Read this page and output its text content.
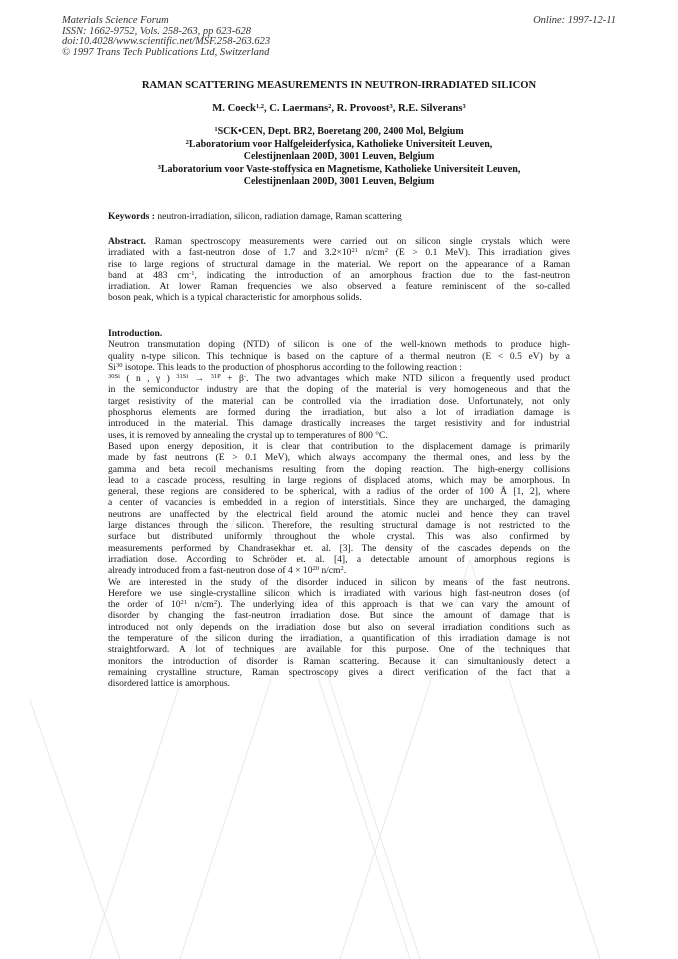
Materials Science Forum
ISSN: 1662-9752, Vols. 258-263, pp 623-628
doi:10.4028/www.scientific.net/MSF.258-263.623
© 1997 Trans Tech Publications Ltd, Switzerland
Online: 1997-12-11
RAMAN SCATTERING MEASUREMENTS IN NEUTRON-IRRADIATED SILICON
M. Coeck$^{1,2}$, C. Laermans$^2$, R. Provoost$^3$, R.E. Silverans$^3$
$^1$SCK•CEN, Dept. BR2, Boeretang 200, 2400 Mol, Belgium
$^2$Laboratorium voor Halfgeleiderfysica, Katholieke Universiteit Leuven,
Celestijnenlaan 200D, 3001 Leuven, Belgium
$^3$Laboratorium voor Vaste-stoffysica en Magnetisme, Katholieke Universiteit Leuven,
Celestijnenlaan 200D, 3001 Leuven, Belgium
Keywords : neutron-irradiation, silicon, radiation damage, Raman scattering
Abstract. Raman spectroscopy measurements were carried out on silicon single crystals which were
irradiated with a fast-neutron dose of 1.7 and $3.2\times 10^{21}$ $n/cm^2$ (E > 0.1 MeV). This irradiation gives
rise to large regions of structural damage in the material. We report on the appearance of a Raman
band at 483 $cm^{-1}$, indicating the introduction of an amorphous fraction due to the fast-neutron
irradiation. At lower Raman frequencies we also observed a feature reminiscent of the so-called
boson peak, which is a typical characteristic for amorphous solids.
Introduction.
Neutron transmutation doping (NTD) of silicon is one of the well-known methods to produce high-
quality n-type silicon. This technique is based on the capture of a thermal neutron (E < 0.5 eV) by a
Si$^{30}$ isotope. This leads to the production of phosphorus according to the following reaction :
$^{30Si}$ ( n , γ ) $^{31Si}$ → $^{31P}$ + β-. The two advantages which make NTD silicon a frequently used product
in the semiconductor industry are that the doping of the material is very homogeneous and that the
target resistivity of the material can be controlled via the irradiation dose. Unfortunately, not only
phosphorus elements are formed during the irradiation, but also a lot of irradiation damage is
introduced in the material. This damage drastically increases the target resistivity and for industrial
uses, it is removed by annealing the crystal up to temperatures of 800 °C.
Based upon energy deposition, it is clear that contribution to the displacement damage is primarily
made by fast neutrons (E > 0.1 MeV), which always accompany the thermal ones, and less by the
gamma and beta recoil mechanisms resulting from the doping reaction. The high-energy collisions
lead to a cascade process, resulting in large regions of displaced atoms, which may be amorphous. In
general, these regions are considered to be spherical, with a radius of the order of 100 Å [1, 2], where
a center of vacancies is embedded in a region of interstitials. Since they are uncharged, the damaging
neutrons are unaffected by the electrical field around the atomic nuclei and hence they can travel
large distances through the silicon. Therefore, the resulting structural damage is not restricted to the
surface but distributed uniformly throughout the whole crystal. This was also confirmed by
measurements performed by Chandrasekhar et. al. [3]. The density of the cascades depends on the
irradiation dose. According to Schröder et. al. [4], a detectable amount of amorphous regions is
already introduced from a fast-neutron dose of $4 \times 10^{20}$ $n/cm^2$.
We are interested in the study of the disorder induced in silicon by means of the fast neutrons.
Herefore we use single-crystalline silicon which is irradiated with various high fast-neutron doses (of
the order of $10^{21}$ $n/cm^2$). The underlying idea of this approach is that we can vary the amount of
disorder by changing the fast-neutron irradiation dose. But since the amount of damage that is
introduced not only depends on the irradiation dose but also on several irradiation conditions such as
the temperature of the silicon during the irradiation, a quantification of this irradiation damage is not
straightforward. A lot of techniques are available for this purpose. One of the techniques that
monitors the introduction of disorder is Raman scattering. Because it can simultaniously detect a
remaining crystalline structure, Raman spectroscopy gives a direct verification of the fact that a
disordered lattice is amorphous.
